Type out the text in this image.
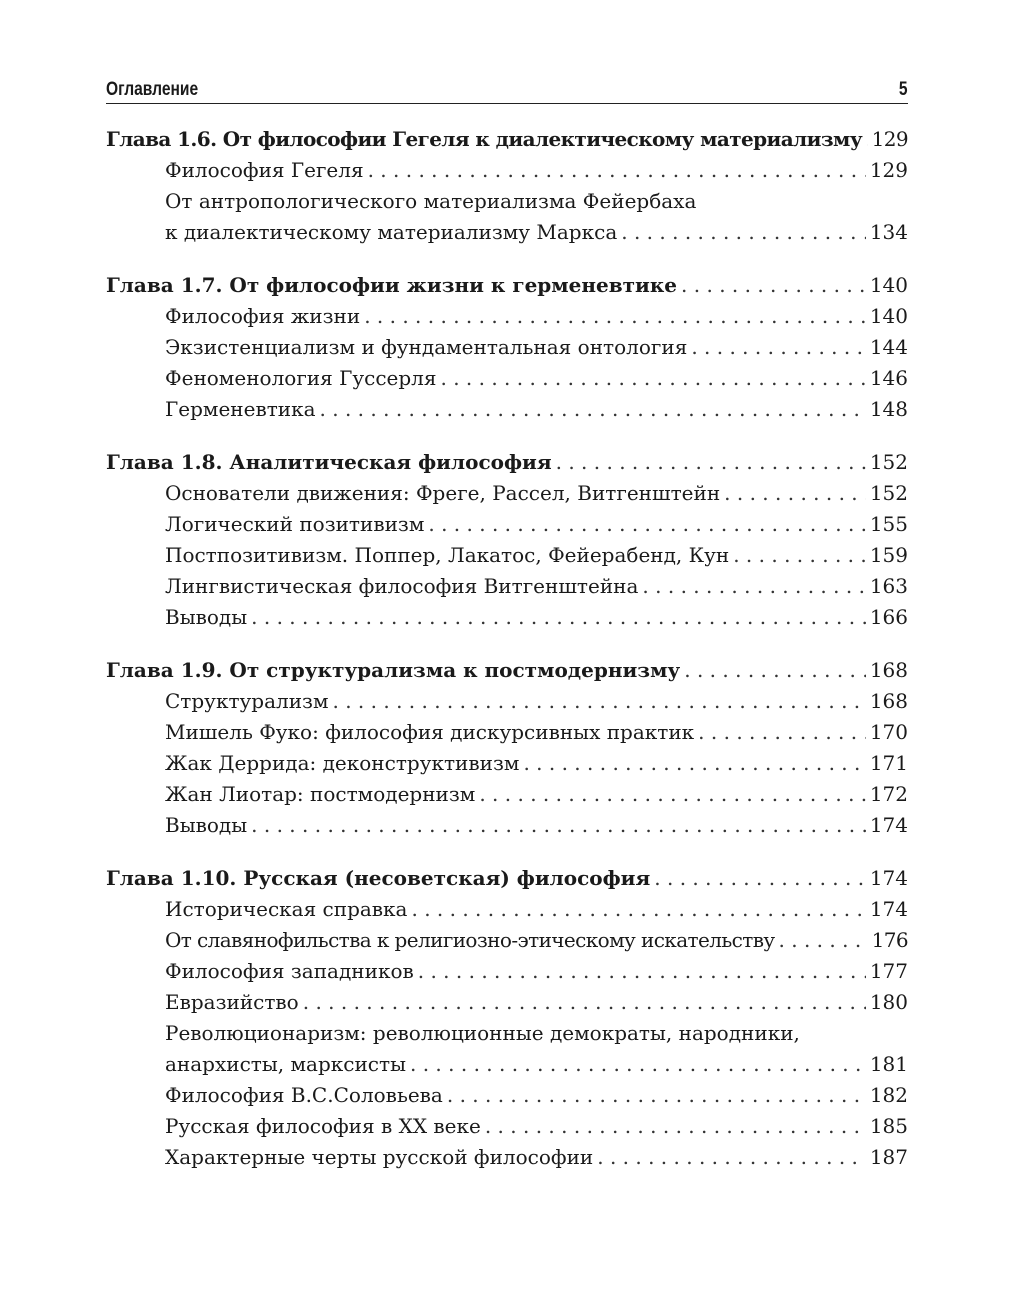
Оглавление	5
Глава 1.6. От философии Гегеля к диалектическому материализму . . . 129
Философия Гегеля . . .	129
От антропологического материализма Фейербаха
к диалектическому материализму Маркса . . .	134
Глава 1.7. От философии жизни к герменевтике . . .	140
Философия жизни . . .	140
Экзистенциализм и фундаментальная онтология . . .	144
Феноменология Гуссерля . . .	146
Герменевтика . . .	148
Глава 1.8. Аналитическая философия . . .	152
Основатели движения: Фреге, Рассел, Витгенштейн . . .	152
Логический позитивизм . . .	155
Постпозитивизм. Поппер, Лакатос, Фейерабенд, Кун . . .	159
Лингвистическая философия Витгенштейна . . .	163
Выводы . . .	166
Глава 1.9. От структурализма к постмодернизму . . .	168
Структурализм . . .	168
Мишель Фуко: философия дискурсивных практик . . .	170
Жак Деррида: деконструктивизм . . .	171
Жан Лиотар: постмодернизм . . .	172
Выводы . . .	174
Глава 1.10. Русская (несоветская) философия . . .	174
Историческая справка . . .	174
От славянофильства к религиозно-этическому искательству . . .	176
Философия западников . . .	177
Евразийство . . .	180
Революционаризм: революционные демократы, народники,
анархисты, марксисты . . .	181
Философия В.С.Соловьева . . .	182
Русская философия в XX веке . . .	185
Характерные черты русской философии . . .	187
